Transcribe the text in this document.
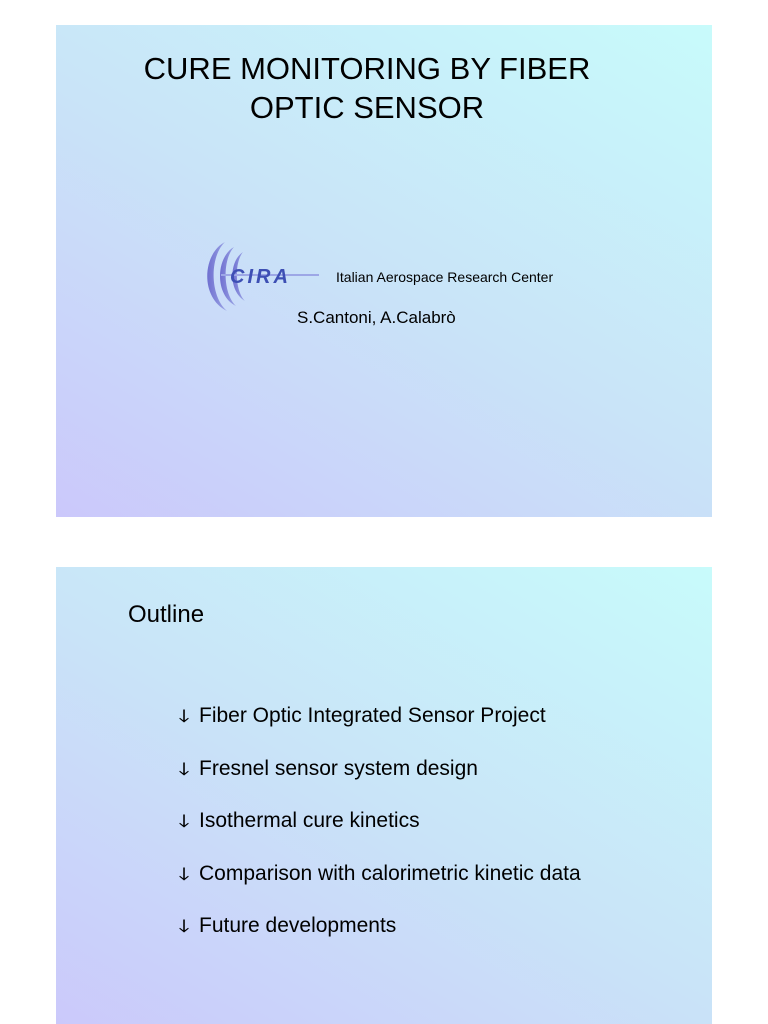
CURE MONITORING BY FIBER
OPTIC SENSOR
CIRA	Italian Aerospace Research Center
S.Cantoni, A.Calabrò
Outline
ↆ Fiber Optic Integrated Sensor Project
ↆ Fresnel sensor system design
ↆ Isothermal cure kinetics
ↆ Comparison with calorimetric kinetic data
ↆ Future developments
